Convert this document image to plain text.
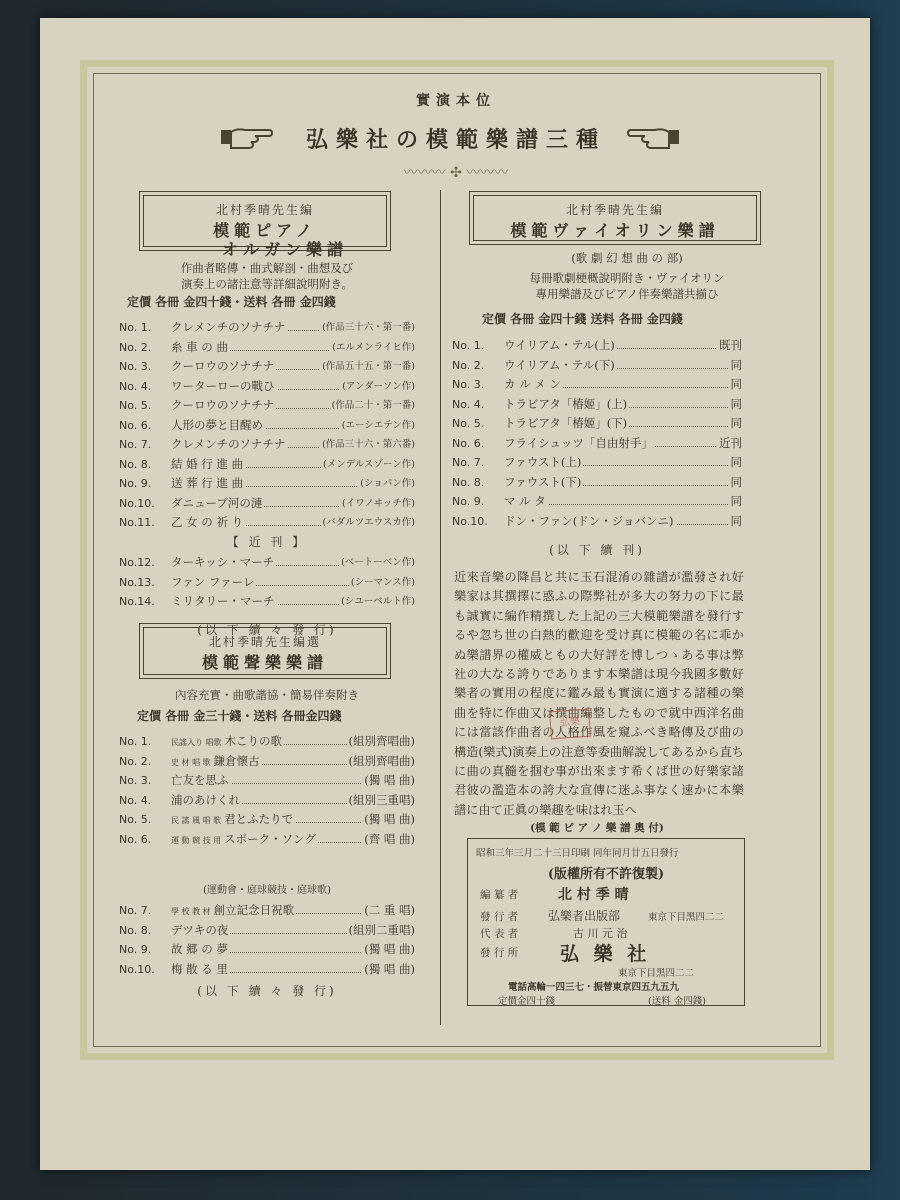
實演本位
弘樂社の模範樂譜三種
〰〰〰 ✣ 〰〰〰
北村季晴先生編
模範ピアノ
オルガン樂譜
作曲者略傳・曲式解剖・曲想及び
演奏上の諸注意等詳細說明附き。
定價 各冊 金四十錢・送料 各冊 金四錢
No. 1.	クレメンチのソナチナ	(作品三十六・第一番)
No. 2.	糸 車 の 曲	(エルメンライヒ作)
No. 3.	クーロウのソナチナ	(作品五十五・第一番)
No. 4.	ワーターローの戰ひ	(アンダーソン作)
No. 5.	クーロウのソナチナ	(作品二十・第一番)
No. 6.	人形の夢と目醒め	(エーシエテン作)
No. 7.	クレメンチのソナチナ	(作品三十六・第六番)
No. 8.	結 婚 行 進 曲	(メンデルスゾーン作)
No. 9.	送 葬 行 進 曲	(ショパン作)
No.10.	ダニューブ河の漣	(イワノヰッチ作)
No.11.	乙 女 の 祈 り	(バダルツエウスカ作)
【 近 刊 】
No.12.	ターキッシ・マーチ	(ベートーベン作)
No.13.	ファン ファーレ	(シーマンス作)
No.14.	ミリタリー・マーチ	(シユーベルト作)
(以 下 續 々 發 行)
北村季晴先生編選
模範聲樂樂譜
內容充實・曲歌諧協・簡易伴奏附き
定價 各冊 金三十錢・送料 各冊金四錢
No. 1.	民謠入り 唱歌 木こりの歌	(組別齊唱曲)
No. 2.	史 材 唱 歌 鎌倉懷古	(組別齊唱曲)
No. 3.	亡友を思ふ	(獨 唱 曲)
No. 4.	浦のあけくれ	(組別三重唱)
No. 5.	民 謠 風 唱 歌 君とふたりで	(獨 唱 曲)
No. 6.	運 動 競 技 用 スポーク・ソング	(齊 唱 曲)
(運動會・庭球競技・庭球歌)
No. 7.	學 校 教 材 創立記念日祝歌	(二 重 唱)
No. 8.	デツキの夜	(組別二重唱)
No. 9.	故 郷 の 夢	(獨 唱 曲)
No.10.	梅 散 る 里	(獨 唱 曲)
(以 下 續 々 發 行)
北村季晴先生編
模範ヴァイオリン樂譜
(歌 劇 幻 想 曲 の 部)
每冊歌劇梗概說明附き・ヴァイオリン
專用樂譜及びピアノ伴奏樂譜共揃ひ
定價 各冊 金四十錢 送料 各冊 金四錢
No. 1.	ウイリアム・テル(上)	既刊
No. 2.	ウイリアム・テル(下)	同
No. 3.	カ ル メ ン	同
No. 4.	トラビアタ「椿姬」(上)	同
No. 5.	トラビアタ「椿姬」(下)	同
No. 6.	フライシュッツ「自由射手」	近刊
No. 7.	ファウスト(上)	同
No. 8.	ファウスト(下)	同
No. 9.	マ ル タ	同
No.10.	ドン・ファン(ドン・ジョバンニ)	同
(以 下 續 刊)
近來音樂の降昌と共に玉石混淆の雜譜が濫發され好樂家は其撰擇に惑ふの際弊社が多大の努力の下に最も誠實に編作精撰した上記の三大模範樂譜を發行するや忽ち世の白熱的歡迎を受け真に模範の名に乖かぬ樂譜界の權威ともの大好評を博しつゝある事は弊社の大なる誇りであります本樂譜は現今我國多數好樂者の實用の程度に鑑み最も實演に適する諸種の樂曲を特に作曲又は撰曲編整したもので就中西洋名曲には當該作曲者の人格作風を窺ふべき略傳及び曲の構造(樂式)演奏上の注意等委曲解說してあるから直ちに曲の真髓を掴む事が出來ます希くば世の好樂家諸君彼の濫造本の誇大な宣傳に迷ふ事なく速かに本樂譜に由て正眞の樂趣を味はれ玉へ
(模 範 ピ ア ノ 樂 譜 奧 付)
昭和三年三月二十三日印刷 同年同月廿五日發行
(版權所有不許復製)
編 纂 者	北 村 季 晴
發 行 者 弘樂者出版部	東京下目黑四二二
代 表 者	古 川 元 治
發 行 所 弘 樂 社
東京下目黑四二二
電話高輪一四三七・振替東京四五九五九
定價金四十錢	(送料 金四錢)
弘樂
